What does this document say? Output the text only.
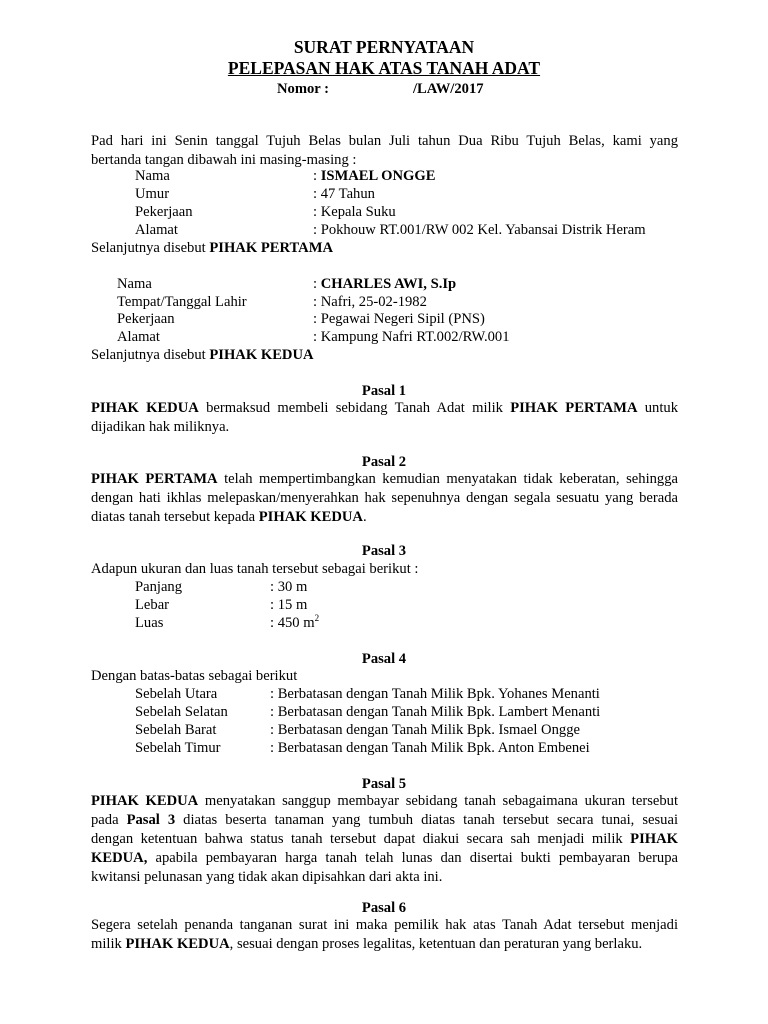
SURAT PERNYATAAN
PELEPASAN HAK ATAS TANAH ADAT
Nomor :	/LAW/2017
Pad hari ini Senin tanggal Tujuh Belas bulan Juli tahun Dua Ribu Tujuh Belas, kami yang
bertanda tangan dibawah ini masing-masing :
Nama	: ISMAEL ONGGE
Umur	: 47 Tahun
Pekerjaan	: Kepala Suku
Alamat	: Pokhouw RT.001/RW 002 Kel. Yabansai Distrik Heram
Selanjutnya disebut PIHAK PERTAMA
Nama	: CHARLES AWI, S.Ip
Tempat/Tanggal Lahir	: Nafri, 25-02-1982
Pekerjaan	: Pegawai Negeri Sipil (PNS)
Alamat	: Kampung Nafri RT.002/RW.001
Selanjutnya disebut PIHAK KEDUA
Pasal 1
PIHAK KEDUA bermaksud membeli sebidang Tanah Adat milik PIHAK PERTAMA untuk
dijadikan hak miliknya.
Pasal 2
PIHAK PERTAMA telah mempertimbangkan kemudian menyatakan tidak keberatan, sehingga
dengan hati ikhlas melepaskan/menyerahkan hak sepenuhnya dengan segala sesuatu yang berada
diatas tanah tersebut kepada PIHAK KEDUA.
Pasal 3
Adapun ukuran dan luas tanah tersebut sebagai berikut :
Panjang	: 30 m
Lebar	: 15 m
Luas	: 450 $m^2$
Pasal 4
Dengan batas-batas sebagai berikut
Sebelah Utara	: Berbatasan dengan Tanah Milik Bpk. Yohanes Menanti
Sebelah Selatan	: Berbatasan dengan Tanah Milik Bpk. Lambert Menanti
Sebelah Barat	: Berbatasan dengan Tanah Milik Bpk. Ismael Ongge
Sebelah Timur	: Berbatasan dengan Tanah Milik Bpk. Anton Embenei
Pasal 5
PIHAK KEDUA menyatakan sanggup membayar sebidang tanah sebagaimana ukuran tersebut
pada Pasal 3 diatas beserta tanaman yang tumbuh diatas tanah tersebut secara tunai, sesuai
dengan ketentuan bahwa status tanah tersebut dapat diakui secara sah menjadi milik PIHAK
KEDUA, apabila pembayaran harga tanah telah lunas dan disertai bukti pembayaran berupa
kwitansi pelunasan yang tidak akan dipisahkan dari akta ini.
Pasal 6
Segera setelah penanda tanganan surat ini maka pemilik hak atas Tanah Adat tersebut menjadi
milik PIHAK KEDUA, sesuai dengan proses legalitas, ketentuan dan peraturan yang berlaku.
